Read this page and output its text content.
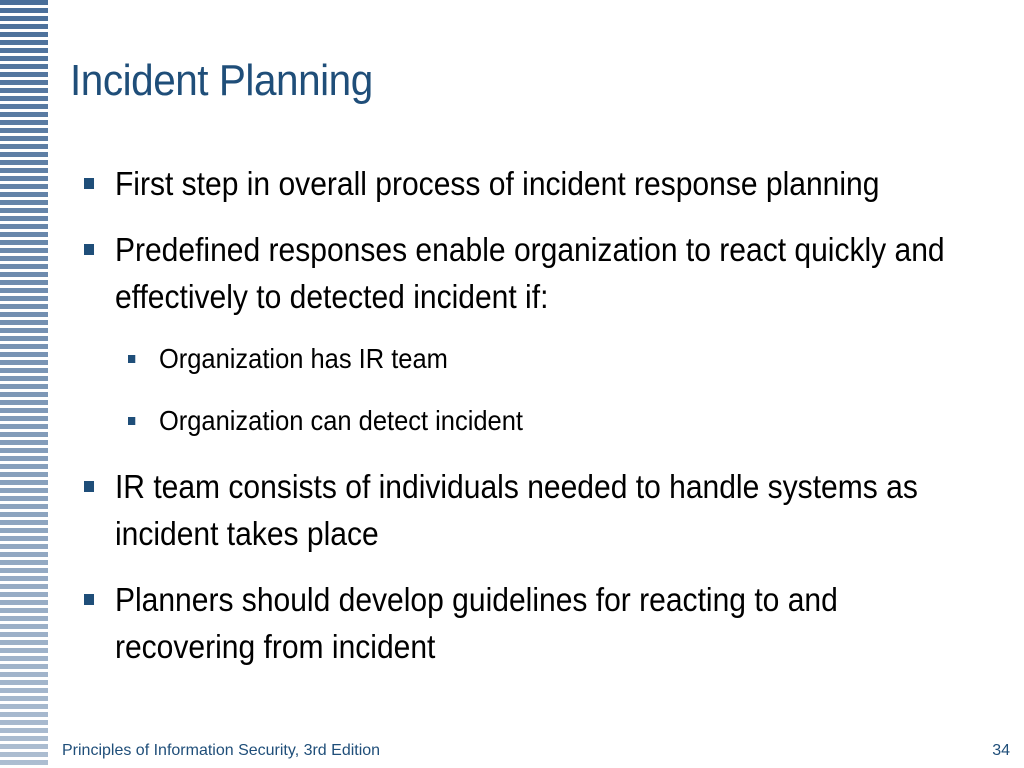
Incident Planning
First step in overall process of incident response planning
Predefined responses enable organization to react quickly and effectively to detected incident if:
Organization has IR team
Organization can detect incident
IR team consists of individuals needed to handle systems as incident takes place
Planners should develop guidelines for reacting to and recovering from incident
Principles of Information Security, 3rd Edition	34
